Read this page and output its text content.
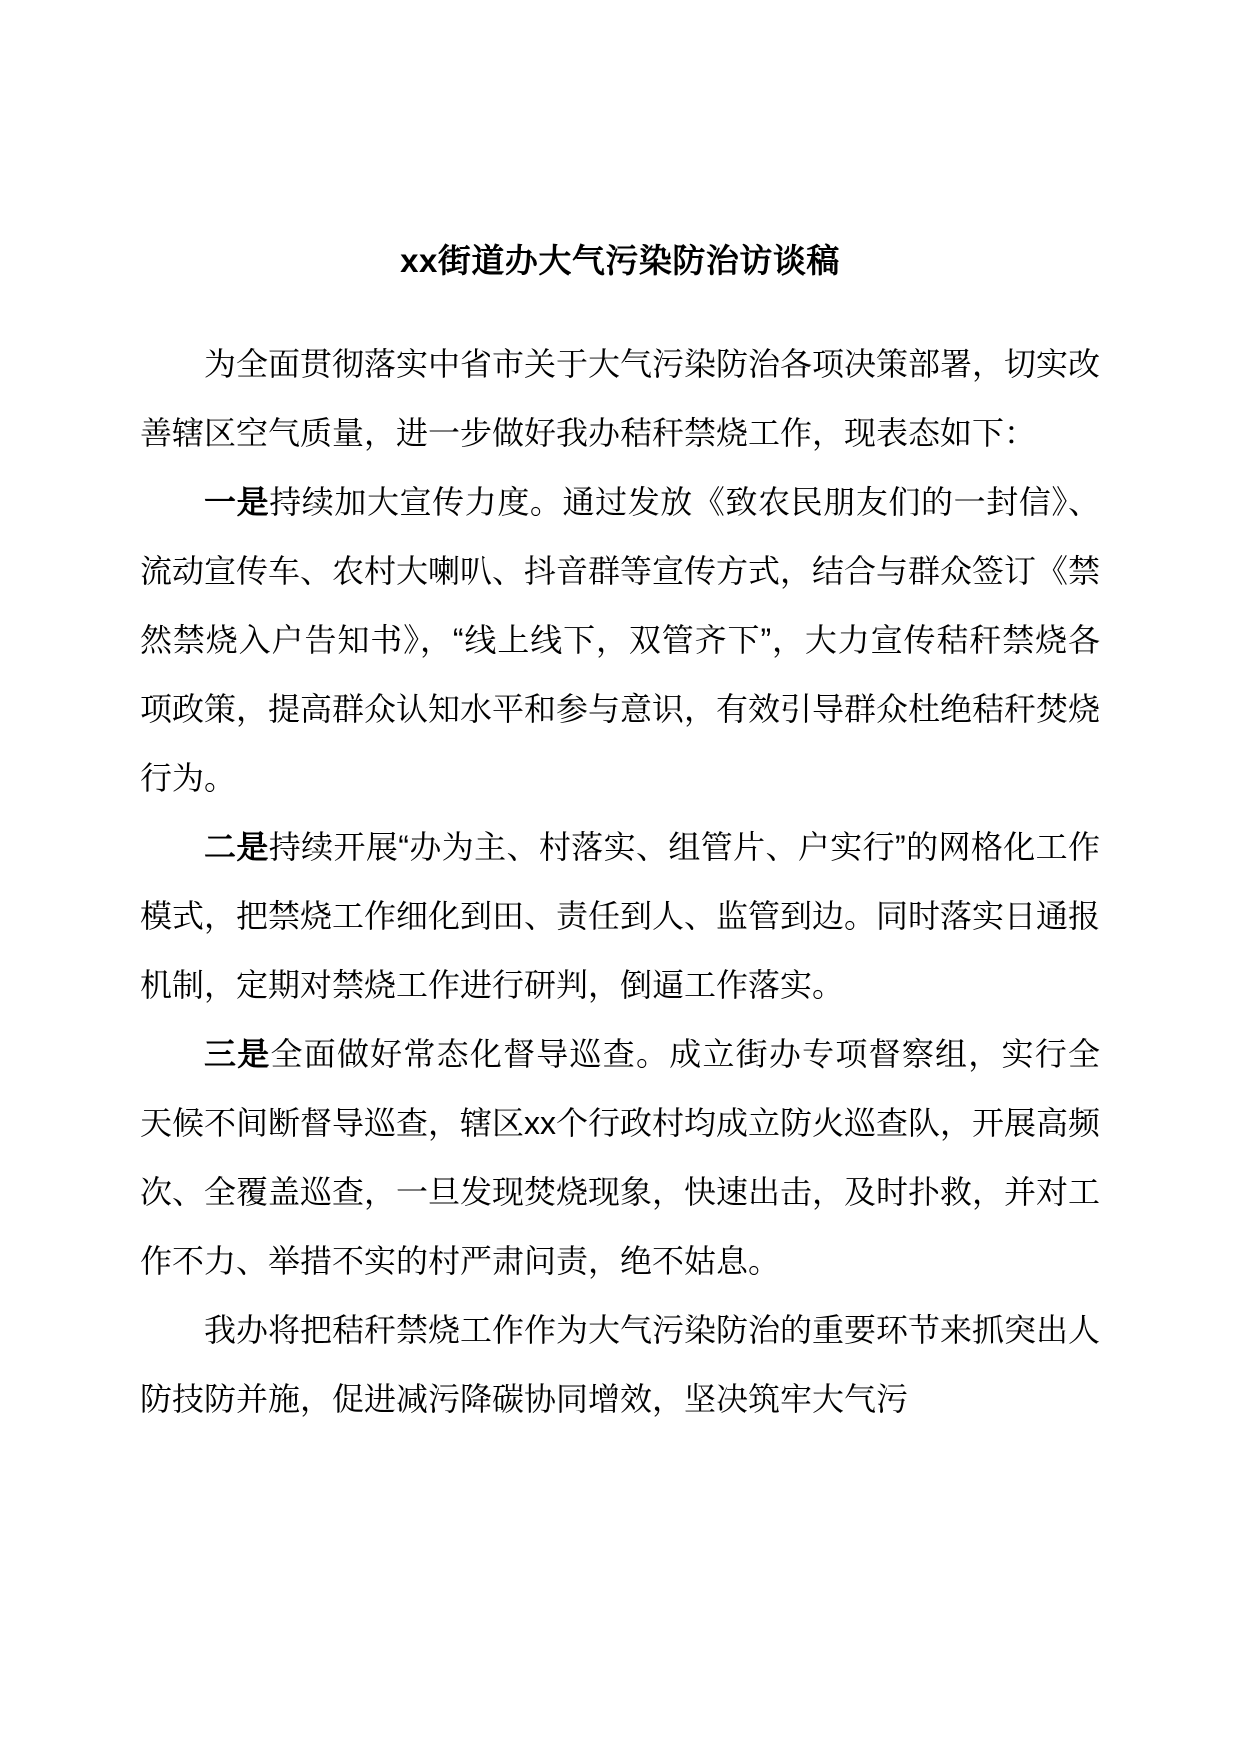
xx街道办大气污染防治访谈稿

为全面贯彻落实中省市关于大气污染防治各项决策部署，切实改善辖区空气质量，进一步做好我办秸秆禁烧工作，现表态如下：

一是持续加大宣传力度。通过发放《致农民朋友们的一封信》、流动宣传车、农村大喇叭、抖音群等宣传方式，结合与群众签订《禁然禁烧入户告知书》，“线上线下，双管齐下”，大力宣传秸秆禁烧各项政策，提高群众认知水平和参与意识，有效引导群众杜绝秸秆焚烧行为。

二是持续开展“办为主、村落实、组管片、户实行”的网格化工作模式，把禁烧工作细化到田、责任到人、监管到边。同时落实日通报机制，定期对禁烧工作进行研判，倒逼工作落实。

三是全面做好常态化督导巡查。成立街办专项督察组，实行全天候不间断督导巡查，辖区xx个行政村均成立防火巡查队，开展高频次、全覆盖巡查，一旦发现焚烧现象，快速出击，及时扑救，并对工作不力、举措不实的村严肃问责，绝不姑息。

我办将把秸秆禁烧工作作为大气污染防治的重要环节来抓突出人防技防并施，促进减污降碳协同增效，坚决筑牢大气污
